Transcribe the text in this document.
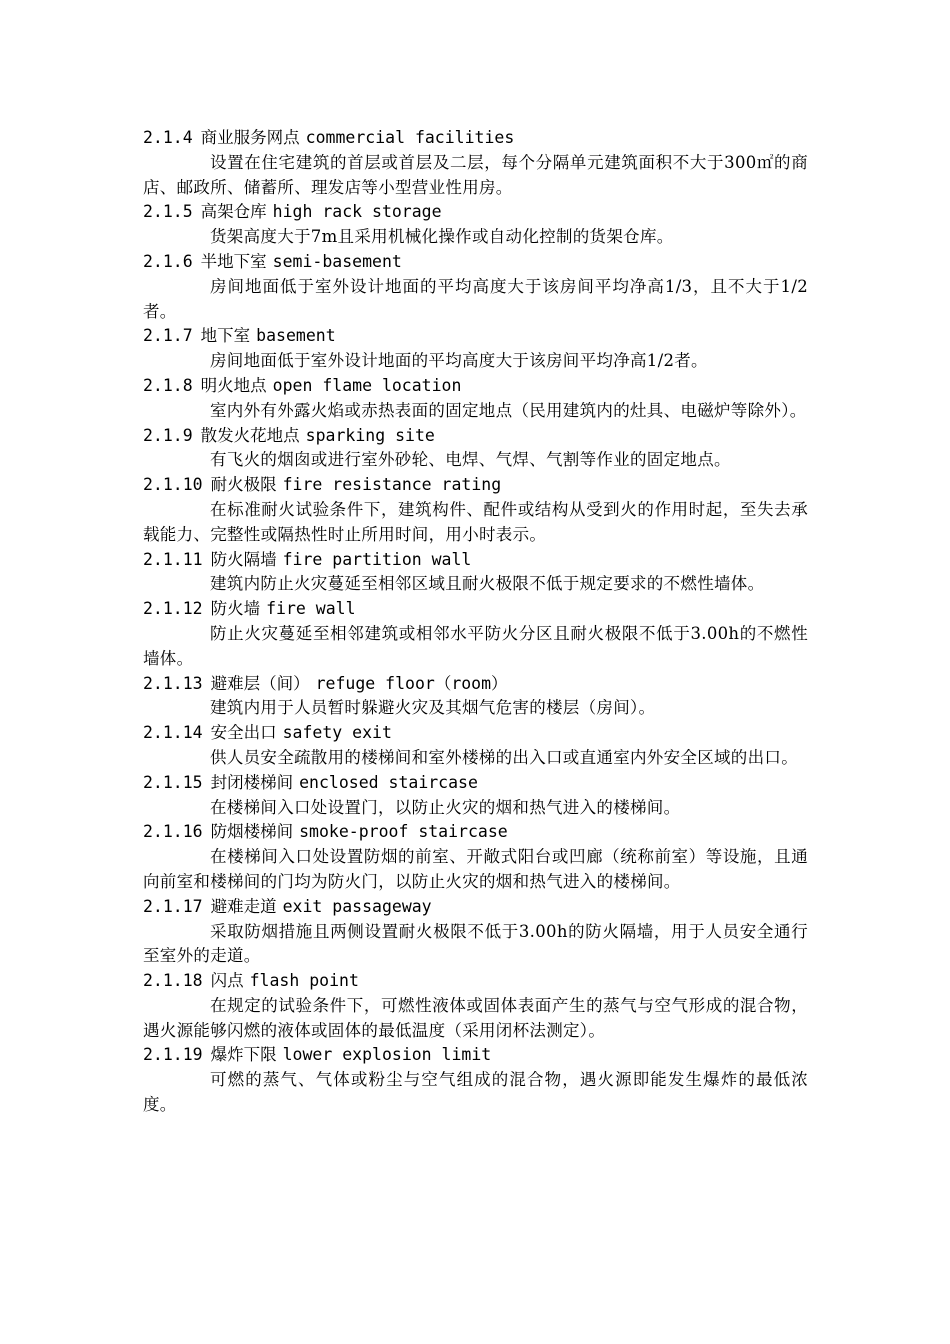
2.1.4 商业服务网点 commercial facilities

设置在住宅建筑的首层或首层及二层，每个分隔单元建筑面积不大于300㎡的商店、邮政所、储蓄所、理发店等小型营业性用房。

2.1.5 高架仓库 high rack storage

货架高度大于7m且采用机械化操作或自动化控制的货架仓库。

2.1.6 半地下室 semi-basement

房间地面低于室外设计地面的平均高度大于该房间平均净高1/3，且不大于1/2者。

2.1.7 地下室 basement

房间地面低于室外设计地面的平均高度大于该房间平均净高1/2者。

2.1.8 明火地点 open flame location

室内外有外露火焰或赤热表面的固定地点（民用建筑内的灶具、电磁炉等除外）。

2.1.9 散发火花地点 sparking site

有飞火的烟囱或进行室外砂轮、电焊、气焊、气割等作业的固定地点。

2.1.10 耐火极限 fire resistance rating

在标准耐火试验条件下，建筑构件、配件或结构从受到火的作用时起，至失去承载能力、完整性或隔热性时止所用时间，用小时表示。

2.1.11 防火隔墙 fire partition wall

建筑内防止火灾蔓延至相邻区域且耐火极限不低于规定要求的不燃性墙体。

2.1.12 防火墙 fire wall

防止火灾蔓延至相邻建筑或相邻水平防火分区且耐火极限不低于3.00h的不燃性墙体。

2.1.13 避难层（间） refuge floor（room）

建筑内用于人员暂时躲避火灾及其烟气危害的楼层（房间）。

2.1.14 安全出口 safety exit

供人员安全疏散用的楼梯间和室外楼梯的出入口或直通室内外安全区域的出口。

2.1.15 封闭楼梯间 enclosed staircase

在楼梯间入口处设置门，以防止火灾的烟和热气进入的楼梯间。

2.1.16 防烟楼梯间 smoke-proof staircase

在楼梯间入口处设置防烟的前室、开敞式阳台或凹廊（统称前室）等设施，且通向前室和楼梯间的门均为防火门，以防止火灾的烟和热气进入的楼梯间。

2.1.17 避难走道 exit passageway

采取防烟措施且两侧设置耐火极限不低于3.00h的防火隔墙，用于人员安全通行至室外的走道。

2.1.18 闪点 flash point

在规定的试验条件下，可燃性液体或固体表面产生的蒸气与空气形成的混合物，遇火源能够闪燃的液体或固体的最低温度（采用闭杯法测定）。

2.1.19 爆炸下限 lower explosion limit

可燃的蒸气、气体或粉尘与空气组成的混合物，遇火源即能发生爆炸的最低浓度。
